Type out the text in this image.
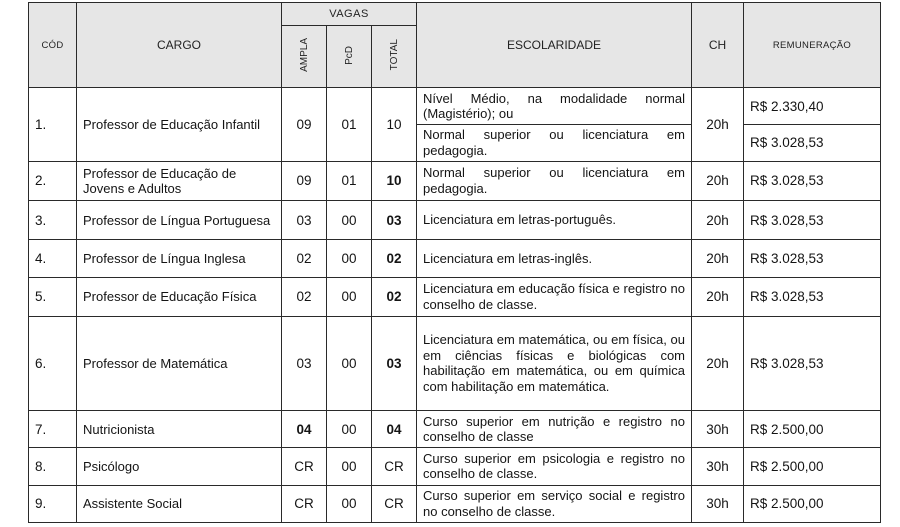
CÓD	CARGO	VAGAS			ESCOLARIDADE	CH	REMUNERAÇÃO
		AMPLA	PcD	TOTAL			
1.	Professor de Educação Infantil	09	01	10	Nível Médio, na modalidade normal (Magistério); ou	20h	R$ 2.330,40
					Normal superior ou licenciatura em pedagogia.		R$ 3.028,53
2.	Professor de Educação de Jovens e Adultos	09	01	10	Normal superior ou licenciatura em pedagogia.	20h	R$ 3.028,53
3.	Professor de Língua Portuguesa	03	00	03	Licenciatura em letras-português.	20h	R$ 3.028,53
4.	Professor de Língua Inglesa	02	00	02	Licenciatura em letras-inglês.	20h	R$ 3.028,53
5.	Professor de Educação Física	02	00	02	Licenciatura em educação física e registro no conselho de classe.	20h	R$ 3.028,53
6.	Professor de Matemática	03	00	03	Licenciatura em matemática, ou em física, ou em ciências físicas e biológicas com habilitação em matemática, ou em química com habilitação em matemática.	20h	R$ 3.028,53
7.	Nutricionista	04	00	04	Curso superior em nutrição e registro no conselho de classe	30h	R$ 2.500,00
8.	Psicólogo	CR	00	CR	Curso superior em psicologia e registro no conselho de classe.	30h	R$ 2.500,00
9.	Assistente Social	CR	00	CR	Curso superior em serviço social e registro no conselho de classe.	30h	R$ 2.500,00
